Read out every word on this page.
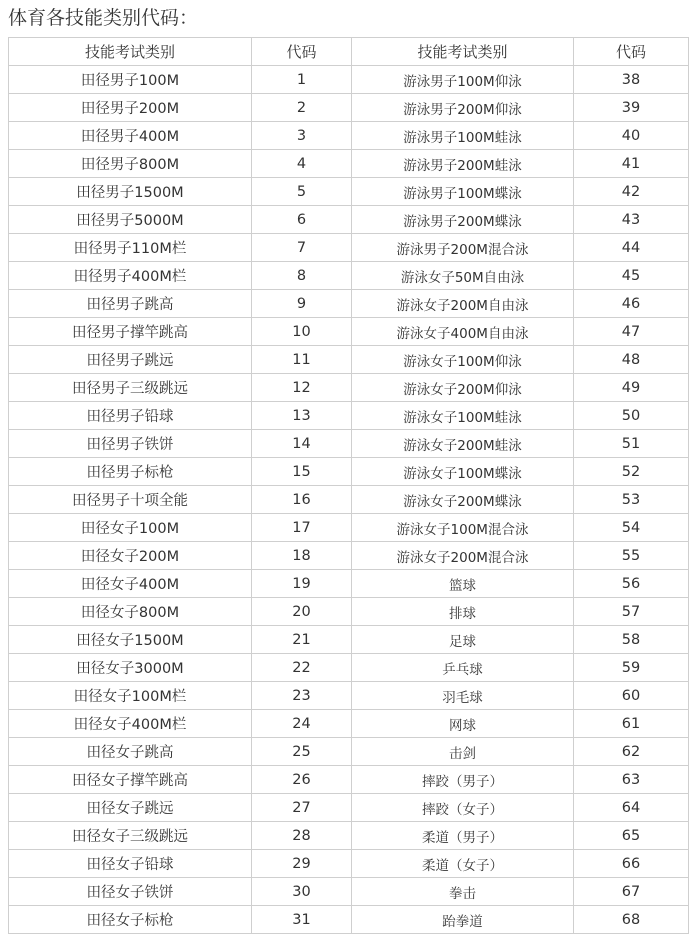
体育各技能类别代码：
技能考试类别	代码	技能考试类别	代码
田径男子100M	1	游泳男子100M仰泳	38
田径男子200M	2	游泳男子200M仰泳	39
田径男子400M	3	游泳男子100M蛙泳	40
田径男子800M	4	游泳男子200M蛙泳	41
田径男子1500M	5	游泳男子100M蝶泳	42
田径男子5000M	6	游泳男子200M蝶泳	43
田径男子110M栏	7	游泳男子200M混合泳	44
田径男子400M栏	8	游泳女子50M自由泳	45
田径男子跳高	9	游泳女子200M自由泳	46
田径男子撑竿跳高	10	游泳女子400M自由泳	47
田径男子跳远	11	游泳女子100M仰泳	48
田径男子三级跳远	12	游泳女子200M仰泳	49
田径男子铅球	13	游泳女子100M蛙泳	50
田径男子铁饼	14	游泳女子200M蛙泳	51
田径男子标枪	15	游泳女子100M蝶泳	52
田径男子十项全能	16	游泳女子200M蝶泳	53
田径女子100M	17	游泳女子100M混合泳	54
田径女子200M	18	游泳女子200M混合泳	55
田径女子400M	19	篮球	56
田径女子800M	20	排球	57
田径女子1500M	21	足球	58
田径女子3000M	22	乒乓球	59
田径女子100M栏	23	羽毛球	60
田径女子400M栏	24	网球	61
田径女子跳高	25	击剑	62
田径女子撑竿跳高	26	摔跤（男子）	63
田径女子跳远	27	摔跤（女子）	64
田径女子三级跳远	28	柔道（男子）	65
田径女子铅球	29	柔道（女子）	66
田径女子铁饼	30	拳击	67
田径女子标枪	31	跆拳道	68
